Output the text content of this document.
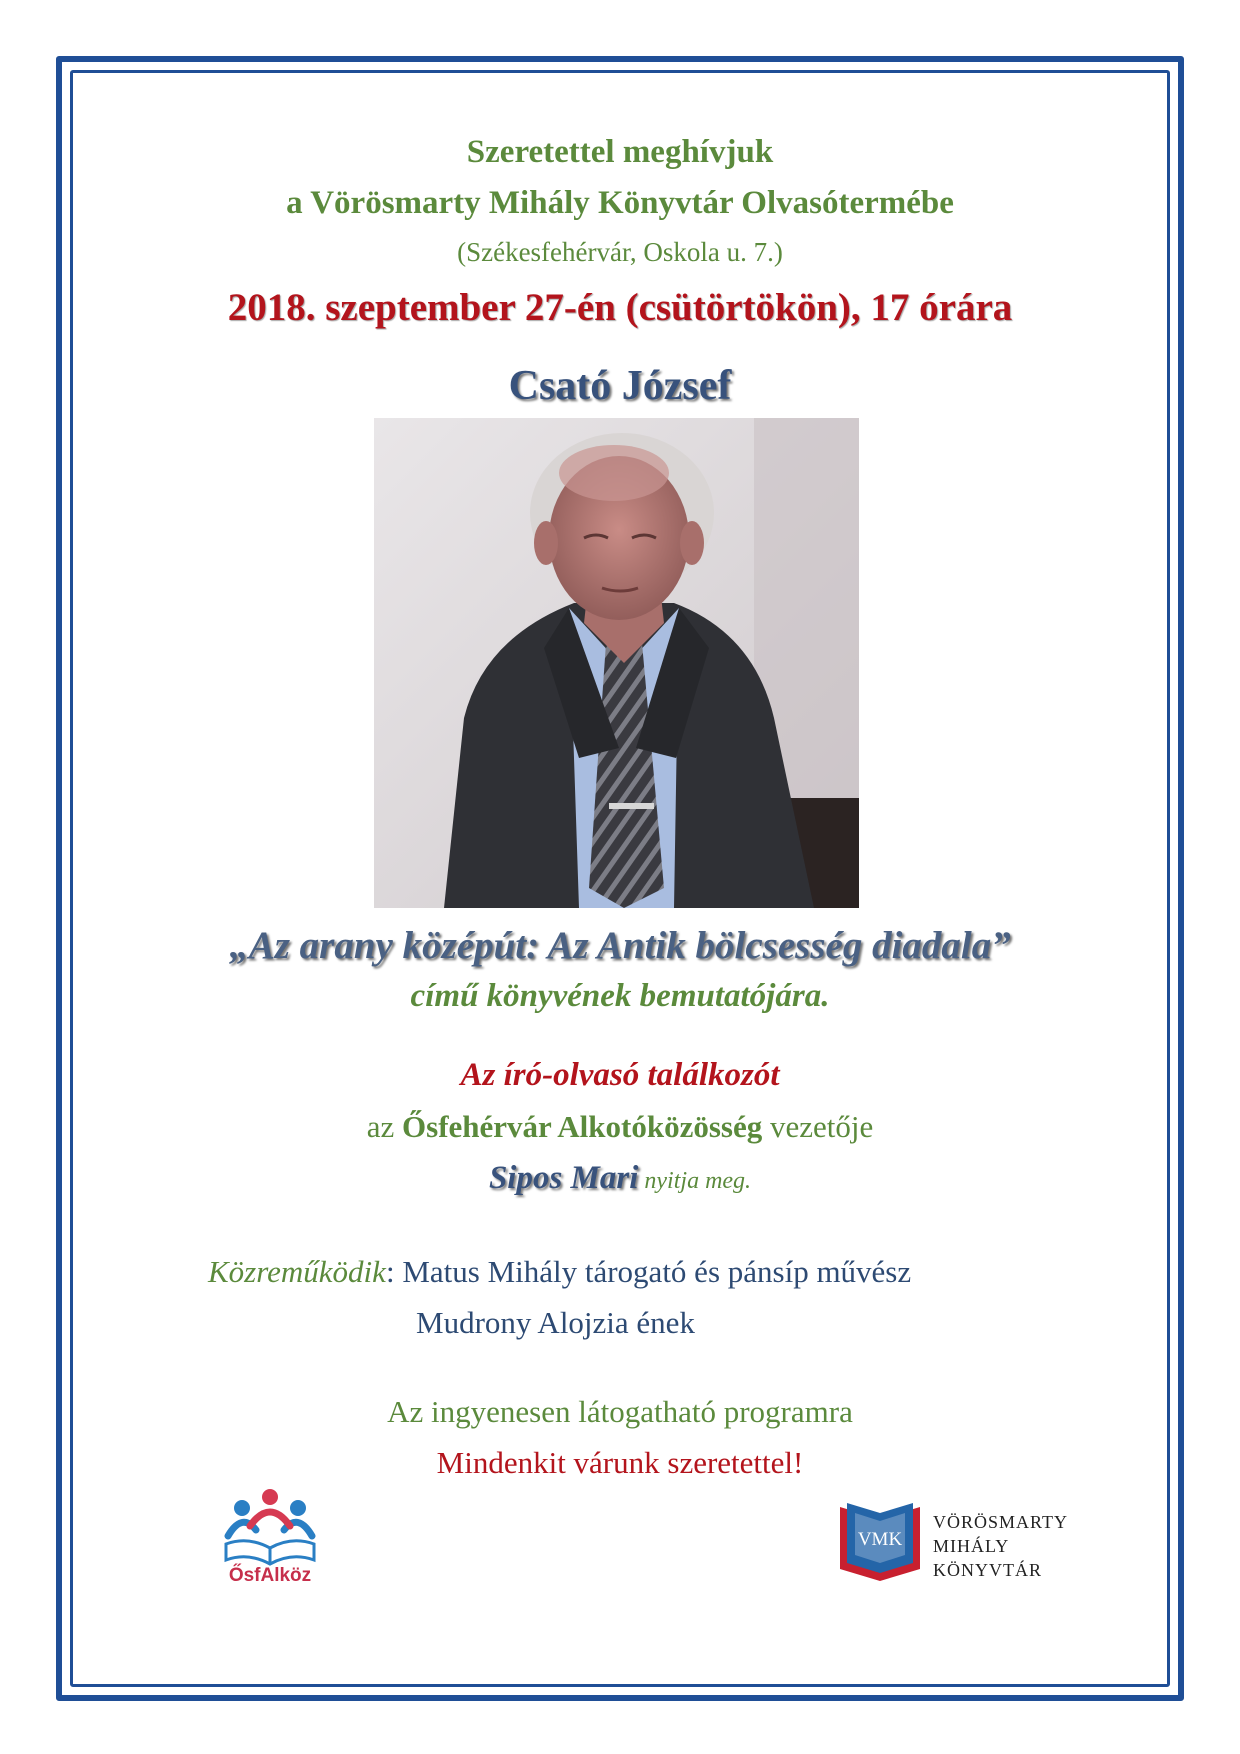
Szeretettel meghívjuk
a Vörösmarty Mihály Könyvtár Olvasótermébe
(Székesfehérvár, Oskola u. 7.)
2018. szeptember 27-én (csütörtökön), 17 órára
Csató József
„Az arany középút: Az Antik bölcsesség diadala”
című könyvének bemutatójára.
Az író-olvasó találkozót
az Ősfehérvár Alkotóközösség vezetője
Sipos Mari nyitja meg.
Közreműködik: Matus Mihály tárogató és pánsíp művész
Mudrony Alojzia ének
Az ingyenesen látogatható programra
Mindenkit várunk szeretettel!
ŐsfAlköz
VMK
VÖRÖSMARTY
MIHÁLY
KÖNYVTÁR
